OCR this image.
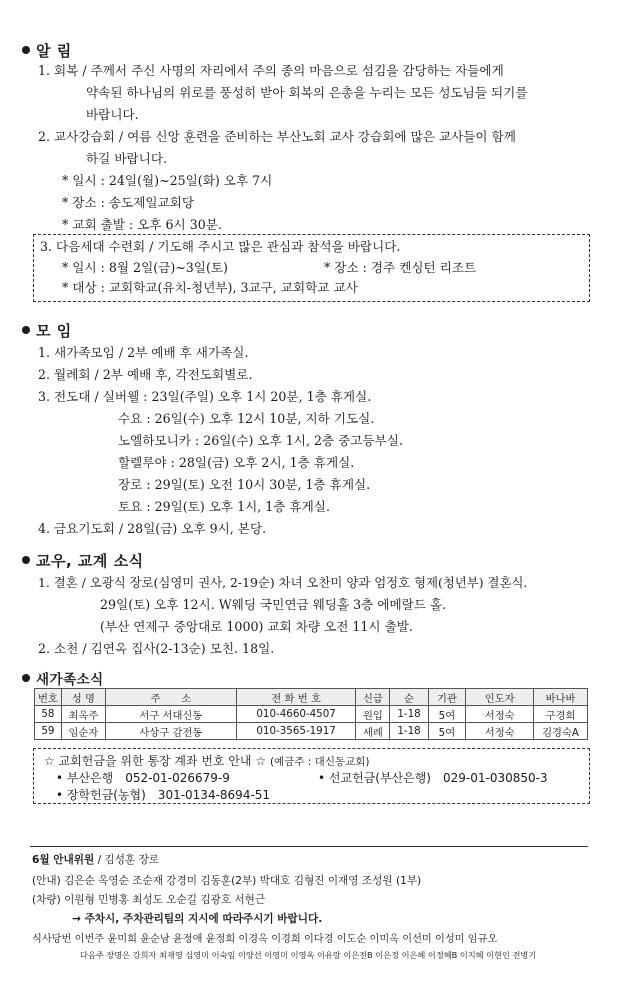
알 림
1. 회복 / 주께서 주신 사명의 자리에서 주의 종의 마음으로 섬김을 감당하는 자들에게
약속된 하나님의 위로를 풍성히 받아 회복의 은총을 누리는 모든 성도님들 되기를
바랍니다.
2. 교사강습회 / 여름 신앙 훈련을 준비하는 부산노회 교사 강습회에 많은 교사들이 함께
하길 바랍니다.
* 일시 : 24일(월)~25일(화) 오후 7시
* 장소 : 송도제일교회당
* 교회 출발 : 오후 6시 30분.
3. 다음세대 수련회 / 기도해 주시고 많은 관심과 참석을 바랍니다.
* 일시 : 8월 2일(금)~3일(토)	* 장소 : 경주 켄싱턴 리조트
* 대상 : 교회학교(유치-청년부), 3교구, 교회학교 교사
모 임
1. 새가족모임 / 2부 예배 후 새가족실.
2. 월례회 / 2부 예배 후, 각전도회별로.
3. 전도대 / 실버웰 : 23일(주일) 오후 1시 20분, 1층 휴게실.
수요 : 26일(수) 오후 12시 10분, 지하 기도실.
노엘하모니카 : 26일(수) 오후 1시, 2층 중고등부실.
할렐루야 : 28일(금) 오후 2시, 1층 휴게실.
장로 : 29일(토) 오전 10시 30분, 1층 휴게실.
토요 : 29일(토) 오후 1시, 1층 휴게실.
4. 금요기도회 / 28일(금) 오후 9시, 본당.
교우, 교계 소식
1. 결혼 / 오광식 장로(심영미 권사, 2-19순) 차녀 오찬미 양과 엄정호 형제(청년부) 결혼식.
29일(토) 오후 12시. W웨딩 국민연금 웨딩홀 3층 에메랄드 홀.
(부산 연제구 중앙대로 1000) 교회 차량 오전 11시 출발.
2. 소천 / 김연옥 집사(2-13순) 모친. 18일.
새가족소식
번호	성 명	주　　소	전 화 번 호	신급	순	기관	인도자	바나바
58	최옥주	서구 서대신동	010-4660-4507	원입	1-18	5여	서정숙	구경희
59	임순자	사상구 감전동	010-3565-1917	세례	1-18	5여	서정숙	김경숙A
☆ 교회헌금을 위한 통장 계좌 번호 안내 ☆ (예금주 : 대신동교회)
• 부산은행　052-01-026679-9	• 선교헌금(부산은행)　029-01-030850-3
• 장학헌금(농협)　301-0134-8694-51
6월 안내위원 / 김성훈 장로
(안내) 김은순 옥영순 조순재 강경미 김동훈(2부) 박대호 김형진 이재영 조성원 (1부)
(차량) 이원형 민병홍 최성도 오순길 김광호 서현근
→ 주차시, 주차관리팀의 지시에 따라주시기 바랍니다.
식사당번 이번주 윤미희 윤순남 윤정애 윤정희 이경옥 이경희 이다경 이도순 이미옥 이선미 이성미 임규오
다음주 장명은 강희자 최재영 심영미 이숙임 이양선 이영미 이영옥 이유랑 이은전B 이은정 이은혜 이정혜B 이지혜 이현인 전병기
